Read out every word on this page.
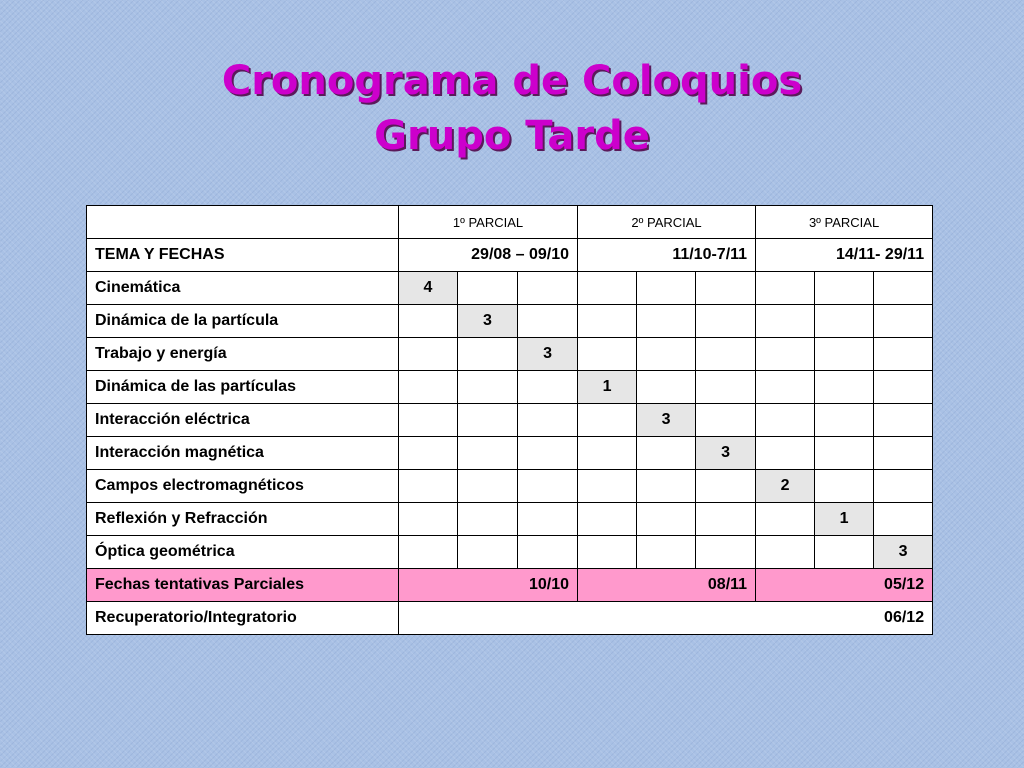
Cronograma de Coloquios
Grupo Tarde
	1º PARCIAL			2º PARCIAL			3º PARCIAL		
TEMA Y FECHAS	29/08 – 09/10			11/10-7/11			14/11- 29/11		
Cinemática	4								
Dinámica de la partícula		3							
Trabajo y energía			3						
Dinámica de las partículas				1					
Interacción eléctrica					3				
Interacción magnética						3			
Campos electromagnéticos							2		
Reflexión y Refracción								1	
Óptica geométrica									3
Fechas tentativas Parciales	10/10			08/11			05/12		
Recuperatorio/Integratorio	06/12								
